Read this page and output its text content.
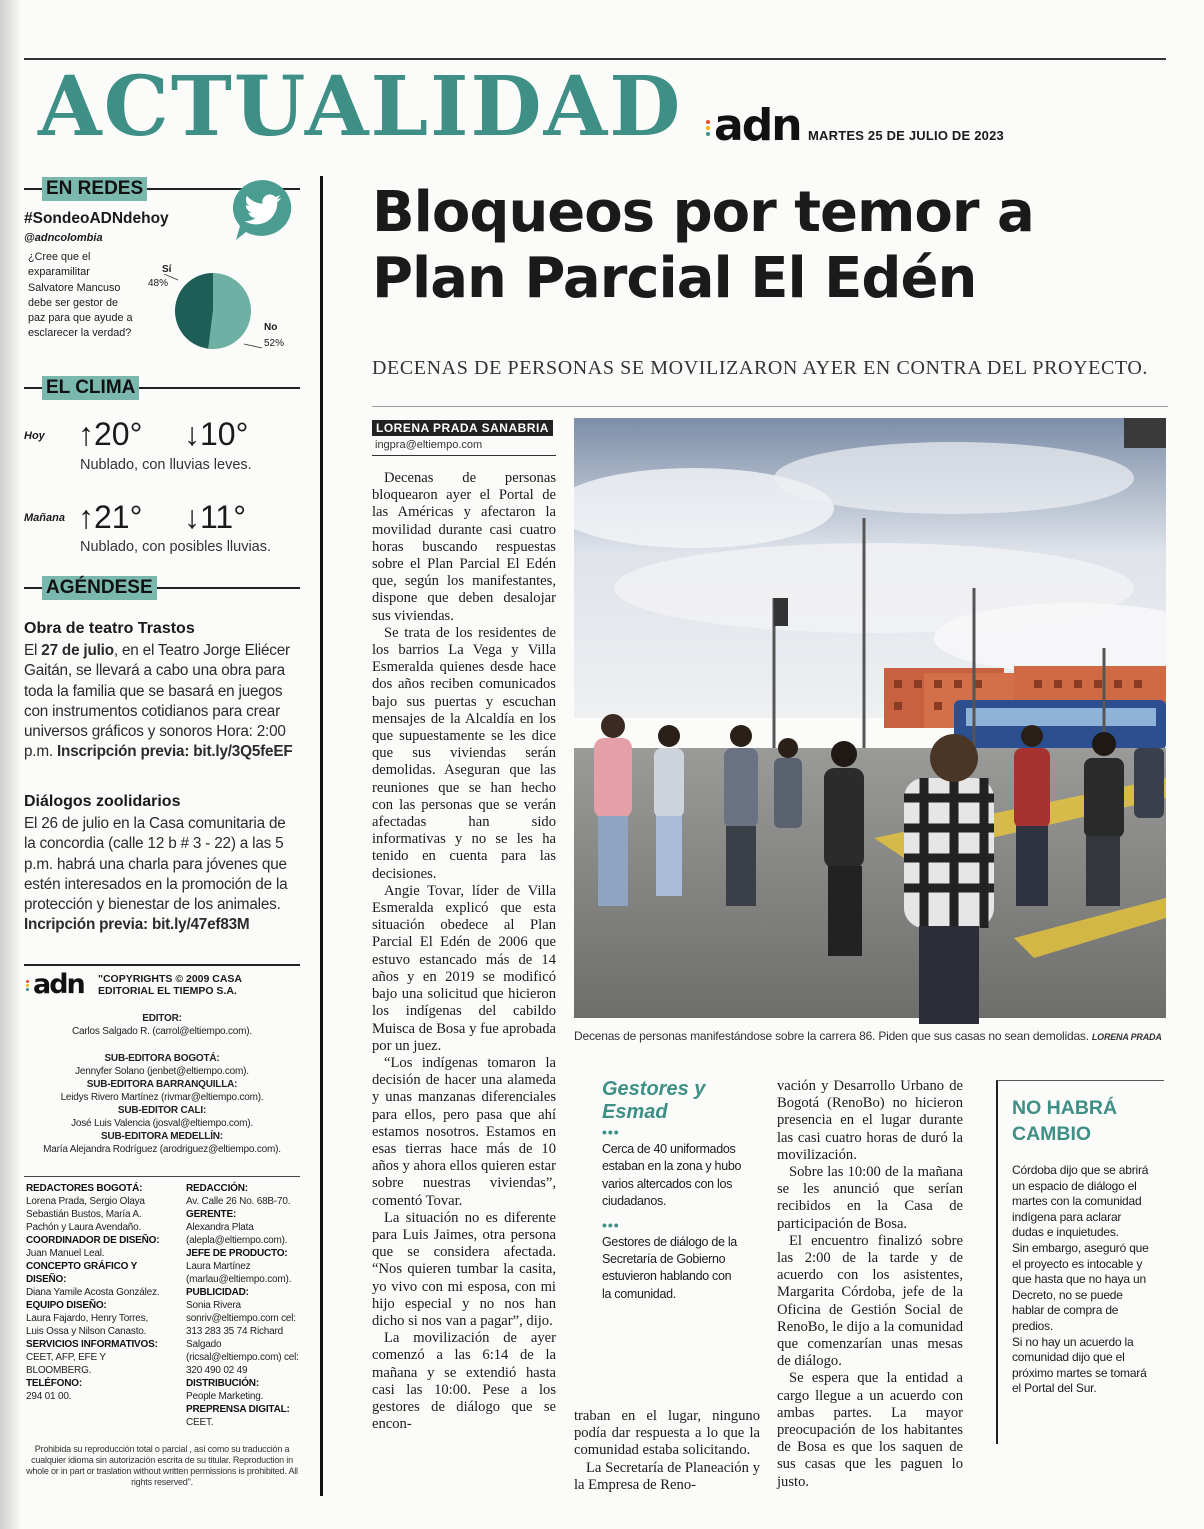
ACTUALIDAD adn MARTES 25 DE JULIO DE 2023
EN REDES
#SondeoADNdehoy
@adncolombia
¿Cree que el exparamilitar Salvatore Mancuso debe ser gestor de paz para que ayude a esclarecer la verdad?
Sí
48%
No
52%
EL CLIMA
Hoy ↑20° ↓10°
Nublado, con lluvias leves.
Mañana ↑21° ↓11°
Nublado, con posibles lluvias.
AGÉNDESE
Obra de teatro Trastos
El 27 de julio, en el Teatro Jorge Eliécer Gaitán, se llevará a cabo una obra para toda la familia que se basará en juegos con instrumentos cotidianos para crear universos gráficos y sonoros Hora: 2:00 p.m. Inscripción previa: bit.ly/3Q5feEF
Diálogos zoolidarios
El 26 de julio en la Casa comunitaria de la concordia (calle 12 b # 3 - 22) a las 5 p.m. habrá una charla para jóvenes que estén interesados en la promoción de la protección y bienestar de los animales. Incripción previa: bit.ly/47ef83M
adn "COPYRIGHTS © 2009 CASA EDITORIAL EL TIEMPO S.A.
EDITOR:
Carlos Salgado R. (carrol@eltiempo.com).
SUB-EDITORA BOGOTÁ:
Jennyfer Solano (jenbet@eltiempo.com).
SUB-EDITORA BARRANQUILLA:
Leidys Rivero Martínez (rivmar@eltiempo.com).
SUB-EDITOR CALI:
José Luis Valencia (josval@eltiempo.com).
SUB-EDITORA MEDELLÍN:
María Alejandra Rodríguez (arodriguez@eltiempo.com).
REDACTORES BOGOTÁ:
Lorena Prada, Sergio Olaya Sebastián Bustos, María A. Pachón y Laura Avendaño.
COORDINADOR DE DISEÑO:
Juan Manuel Leal.
CONCEPTO GRÁFICO Y DISEÑO:
Diana Yamile Acosta González.
EQUIPO DISEÑO:
Laura Fajardo, Henry Torres, Luis Ossa y Nilson Canasto.
SERVICIOS INFORMATIVOS:
CEET, AFP, EFE Y BLOOMBERG.
TELÉFONO:
294 01 00.
REDACCIÓN:
Av. Calle 26 No. 68B-70.
GERENTE:
Alexandra Plata (alepla@eltiempo.com).
JEFE DE PRODUCTO:
Laura Martínez (marlau@eltiempo.com).
PUBLICIDAD:
Sonia Rivera sonriv@eltiempo.com cel: 313 283 35 74 Richard Salgado (ricsal@eltiempo.com) cel: 320 490 02 49
DISTRIBUCIÓN:
People Marketing.
PREPRENSA DIGITAL:
CEET.
Prohibida su reproducción total o parcial , así como su traducción a cualquier idioma sin autorización escrita de su titular. Reproduction in whole or in part or traslation without written permissions is prohibited. All rights reserved".
Bloqueos por temor a Plan Parcial El Edén
DECENAS DE PERSONAS SE MOVILIZARON AYER EN CONTRA DEL PROYECTO.
LORENA PRADA SANABRIA
ingpra@eltiempo.com

Decenas de personas bloquearon ayer el Portal de las Américas y afectaron la movilidad durante casi cuatro horas buscando respuestas sobre el Plan Parcial El Edén que, según los manifestantes, dispone que deben desalojar sus viviendas.

Se trata de los residentes de los barrios La Vega y Villa Esmeralda quienes desde hace dos años reciben comunicados bajo sus puertas y escuchan mensajes de la Alcaldía en los que supuestamente se les dice que sus viviendas serán demolidas. Aseguran que las reuniones que se han hecho con las personas que se verán afectadas han sido informativas y no se les ha tenido en cuenta para las decisiones.

Angie Tovar, líder de Villa Esmeralda explicó que esta situación obedece al Plan Parcial El Edén de 2006 que estuvo estancado más de 14 años y en 2019 se modificó bajo una solicitud que hicieron los indígenas del cabildo Muisca de Bosa y fue aprobada por un juez.

“Los indígenas tomaron la decisión de hacer una alameda y unas manzanas diferenciales para ellos, pero pasa que ahí estamos nosotros. Estamos en esas tierras hace más de 10 años y ahora ellos quieren estar sobre nuestras viviendas”, comentó Tovar.

La situación no es diferente para Luis Jaimes, otra persona que se considera afectada. “Nos quieren tumbar la casita, yo vivo con mi esposa, con mi hijo especial y no nos han dicho si nos van a pagar”, dijo.

La movilización de ayer comenzó a las 6:14 de la mañana y se extendió hasta casi las 10:00. Pese a los gestores de diálogo que se encon-

Decenas de personas manifestándose sobre la carrera 86. Piden que sus casas no sean demolidas. LORENA PRADA
Gestores y Esmad
•••

Cerca de 40 uniformados estaban en la zona y hubo varios altercados con los ciudadanos.

•••

Gestores de diálogo de la Secretaría de Gobierno estuvieron hablando con la comunidad.

traban en el lugar, ninguno podía dar respuesta a lo que la comunidad estaba solicitando.

La Secretaría de Planeación y la Empresa de Reno-

vación y Desarrollo Urbano de Bogotá (RenoBo) no hicieron presencia en el lugar durante las casi cuatro horas de duró la movilización.

Sobre las 10:00 de la mañana se les anunció que serían recibidos en la Casa de participación de Bosa.

El encuentro finalizó sobre las 2:00 de la tarde y de acuerdo con los asistentes, Margarita Córdoba, jefe de la Oficina de Gestión Social de RenoBo, le dijo a la comunidad que comenzarían unas mesas de diálogo.

Se espera que la entidad a cargo llegue a un acuerdo con ambas partes. La mayor preocupación de los habitantes de Bosa es que los saquen de sus casas que les paguen lo justo.

NO HABRÁ CAMBIO

Córdoba dijo que se abrirá un espacio de diálogo el martes con la comunidad indígena para aclarar dudas e inquietudes.

Sin embargo, aseguró que el proyecto es intocable y que hasta que no haya un Decreto, no se puede hablar de compra de predios.

Si no hay un acuerdo la comunidad dijo que el próximo martes se tomará el Portal del Sur.
